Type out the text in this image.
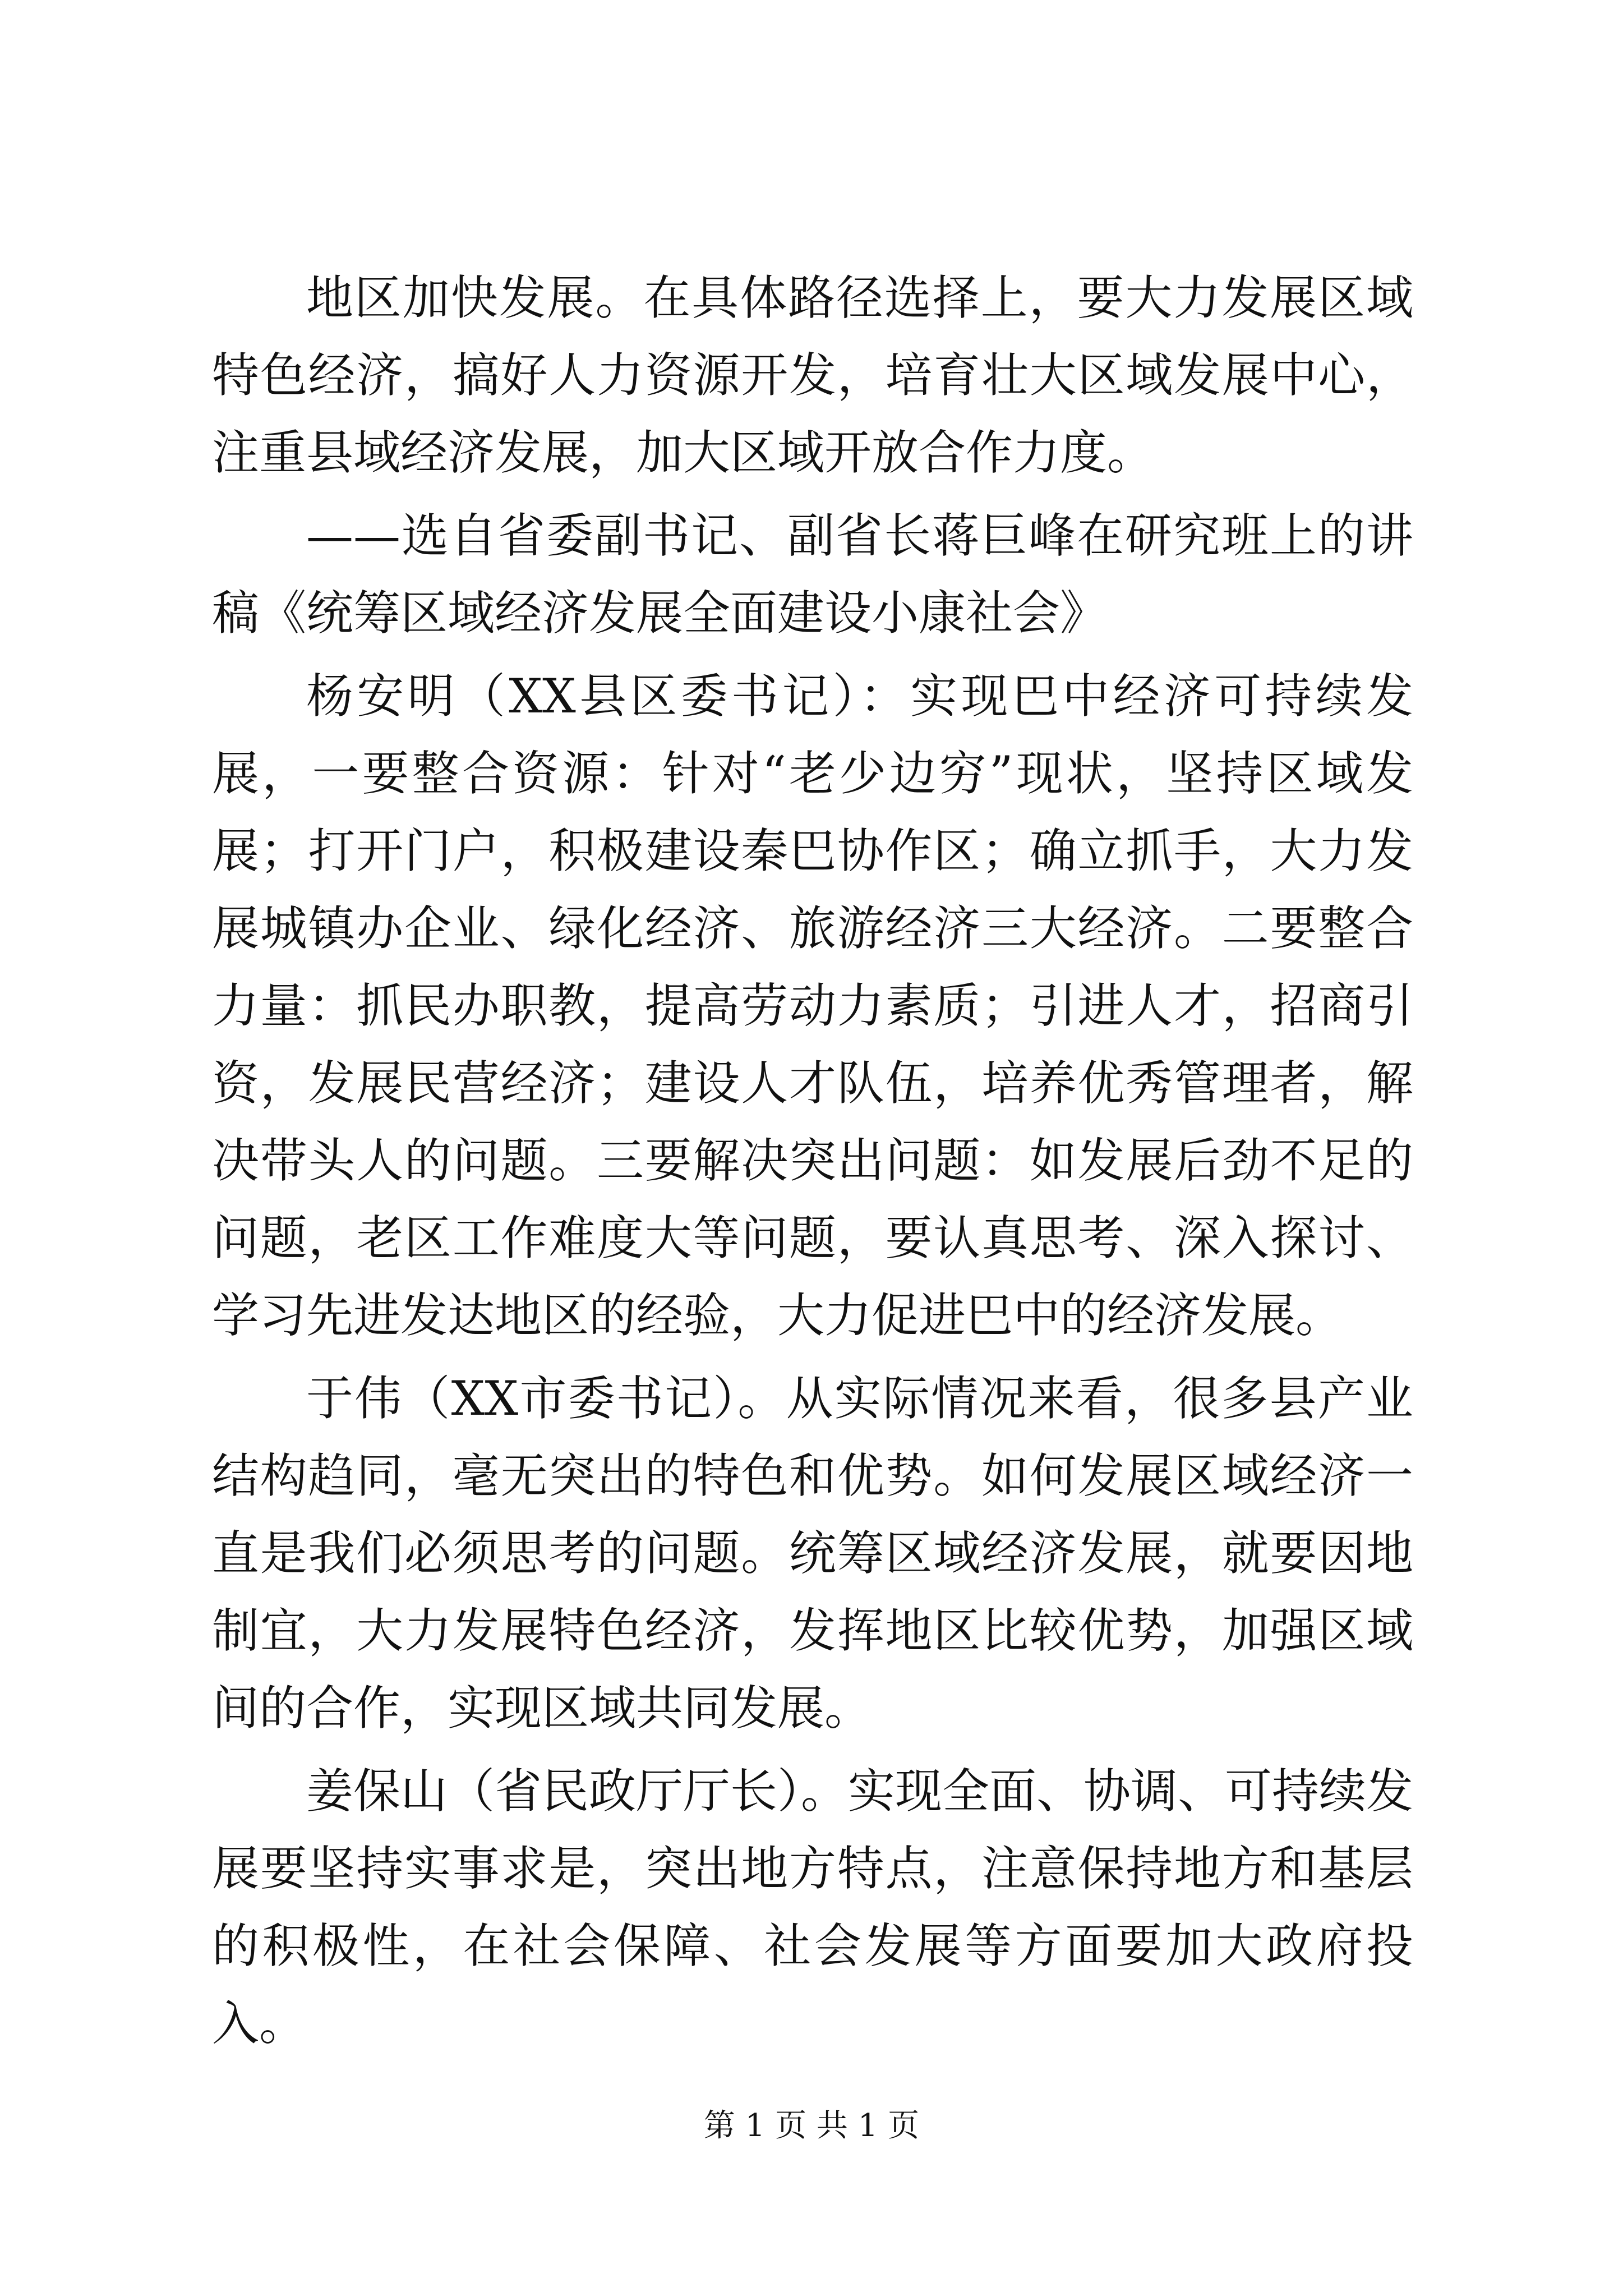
地区加快发展。在具体路径选择上，要大力发展区域特色经济，搞好人力资源开发，培育壮大区域发展中心，注重县域经济发展，加大区域开放合作力度。

——选自省委副书记、副省长蒋巨峰在研究班上的讲稿《统筹区域经济发展全面建设小康社会》

杨安明（XX县区委书记）：实现巴中经济可持续发展，一要整合资源：针对“老少边穷”现状，坚持区域发展；打开门户，积极建设秦巴协作区；确立抓手，大力发展城镇办企业、绿化经济、旅游经济三大经济。二要整合力量：抓民办职教，提高劳动力素质；引进人才，招商引资，发展民营经济；建设人才队伍，培养优秀管理者，解决带头人的问题。三要解决突出问题：如发展后劲不足的问题，老区工作难度大等问题，要认真思考、深入探讨、学习先进发达地区的经验，大力促进巴中的经济发展。

于伟（XX市委书记）。从实际情况来看，很多县产业结构趋同，毫无突出的特色和优势。如何发展区域经济一直是我们必须思考的问题。统筹区域经济发展，就要因地制宜，大力发展特色经济，发挥地区比较优势，加强区域间的合作，实现区域共同发展。

姜保山（省民政厅厅长）。实现全面、协调、可持续发展要坚持实事求是，突出地方特点，注意保持地方和基层的积极性，在社会保障、社会发展等方面要加大政府投入。

第 1 页 共 1 页
